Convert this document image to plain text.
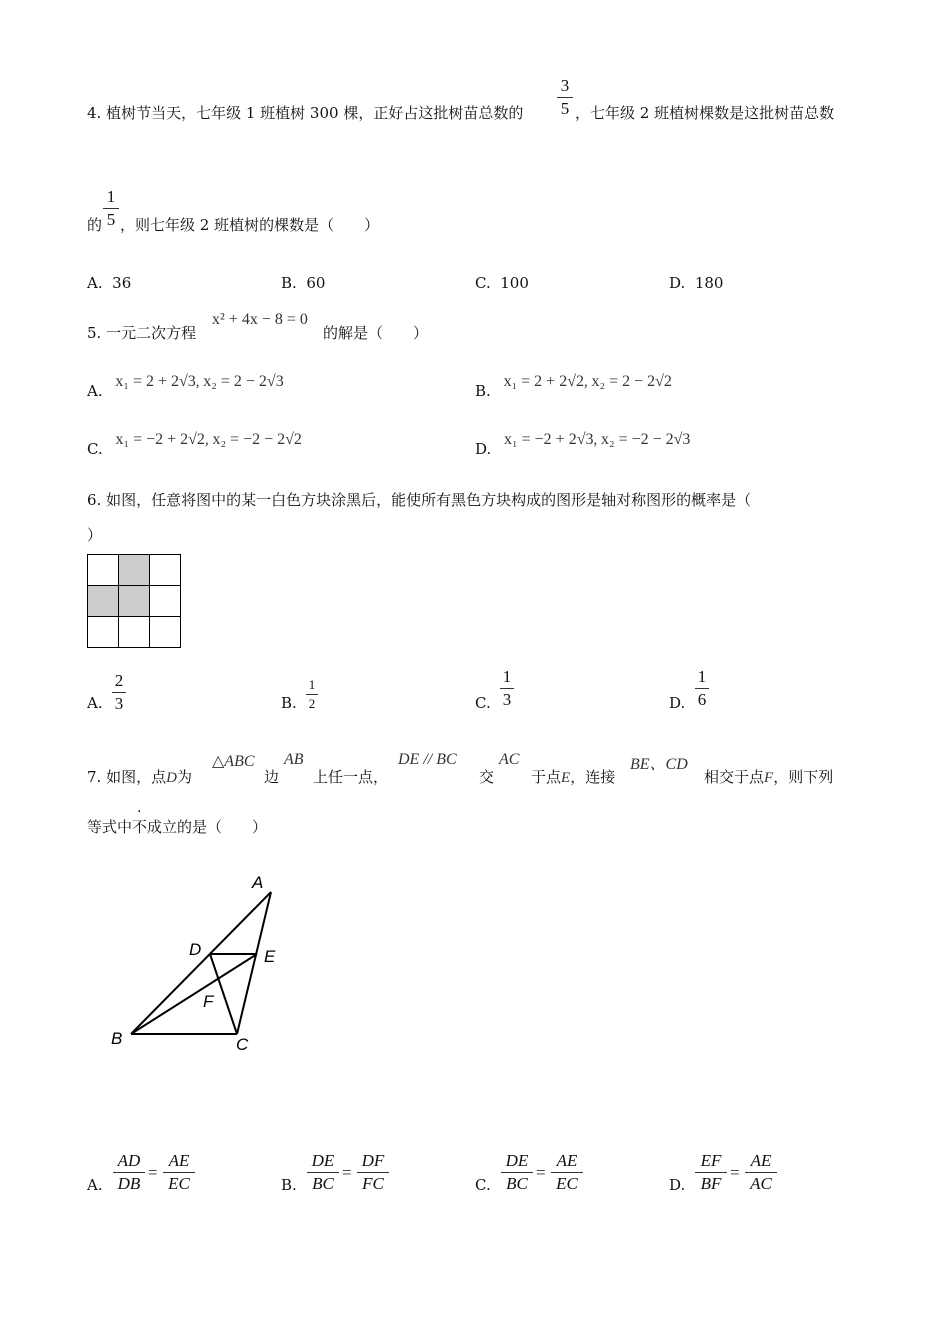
4. 植树节当天，七年级 1 班植树 300 棵，正好占这批树苗总数的
3
5 ，七年级 2 班植树棵数是这批树苗总数
的
1
5 ，则七年级 2 班植树的棵数是（　　）
A. 36	B. 60	C. 100	D. 180
5. 一元二次方程
x² + 4x − 8 = 0
的解是（　　）
A. x₁ = 2 + 2√3, x₂ = 2 − 2√3
B. x₁ = 2 + 2√2, x₂ = 2 − 2√2
C. x₁ = −2 + 2√2, x₂ = −2 − 2√2
D. x₁ = −2 + 2√3, x₂ = −2 − 2√3
6. 如图，任意将图中的某一白色方块涂黑后，能使所有黑色方块构成的图形是轴对称图形的概率是（
）

A.
2
3	B.
1
2	C.
1
3	D.
1
6
7. 如图，点D为
△ABC
边
AB
上任一点，
DE // BC
交
AC
于点E，连接
BE、CD
相交于点F，则下列
等式中不成立的是（　　）
A
D	E
F
B	C
A.
AD
DB
=
AE
EC	B.
DE
BC
=
DF
FC	C.
DE
BC
=
AE
EC	D.
EF
BF
=
AE
AC
